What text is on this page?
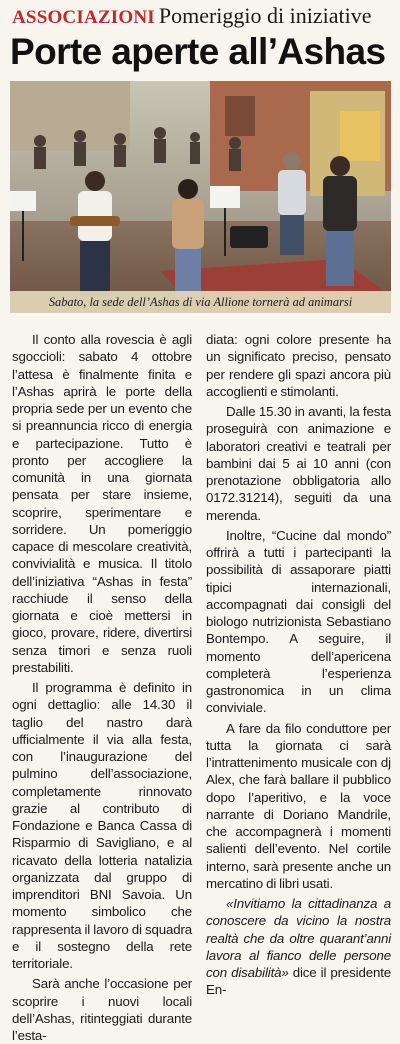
ASSOCIAZIONI Pomeriggio di iniziative
Porte aperte all’Ashas
Sabato, la sede dell’Ashas di via Allione tornerà ad animarsi

Il conto alla rovescia è agli sgoccioli: sabato 4 ottobre l’attesa è finalmente finita e l’Ashas aprirà le porte della propria sede per un evento che si preannuncia ricco di energia e partecipazione. Tutto è pronto per accogliere la comunità in una giornata pensata per stare insieme, scoprire, sperimentare e sorridere. Un pomeriggio capace di mescolare creatività, convivialità e musica. Il titolo dell’iniziativa “Ashas in festa” racchiude il senso della giornata e cioè mettersi in gioco, provare, ridere, divertirsi senza timori e senza ruoli prestabiliti.

Il programma è definito in ogni dettaglio: alle 14.30 il taglio del nastro darà ufficialmente il via alla festa, con l’inaugurazione del pulmino dell’associazione, completamente rinnovato grazie al contributo di Fondazione e Banca Cassa di Risparmio di Savigliano, e al ricavato della lotteria natalizia organizzata dal gruppo di imprenditori BNI Savoia. Un momento simbolico che rappresenta il lavoro di squadra e il sostegno della rete territoriale.

Sarà anche l’occasione per scoprire i nuovi locali dell’Ashas, ritinteggiati durante l’esta-

diata: ogni colore presente ha un significato preciso, pensato per rendere gli spazi ancora più accoglienti e stimolanti.

Dalle 15.30 in avanti, la festa proseguirà con animazione e laboratori creativi e teatrali per bambini dai 5 ai 10 anni (con prenotazione obbligatoria allo 0172.31214), seguiti da una merenda.

Inoltre, “Cucine dal mondo” offrirà a tutti i partecipanti la possibilità di assaporare piatti tipici internazionali, accompagnati dai consigli del biologo nutrizionista Sebastiano Bontempo. A seguire, il momento dell’apericena completerà l’esperienza gastronomica in un clima conviviale.

A fare da filo conduttore per tutta la giornata ci sarà l’intrattenimento musicale con dj Alex, che farà ballare il pubblico dopo l’aperitivo, e la voce narrante di Doriano Mandrile, che accompagnerà i momenti salienti dell’evento. Nel cortile interno, sarà presente anche un mercatino di libri usati.

«Invitiamo la cittadinanza a conoscere da vicino la nostra realtà che da oltre quarant’anni lavora al fianco delle persone con disabilità» dice il presidente En-
